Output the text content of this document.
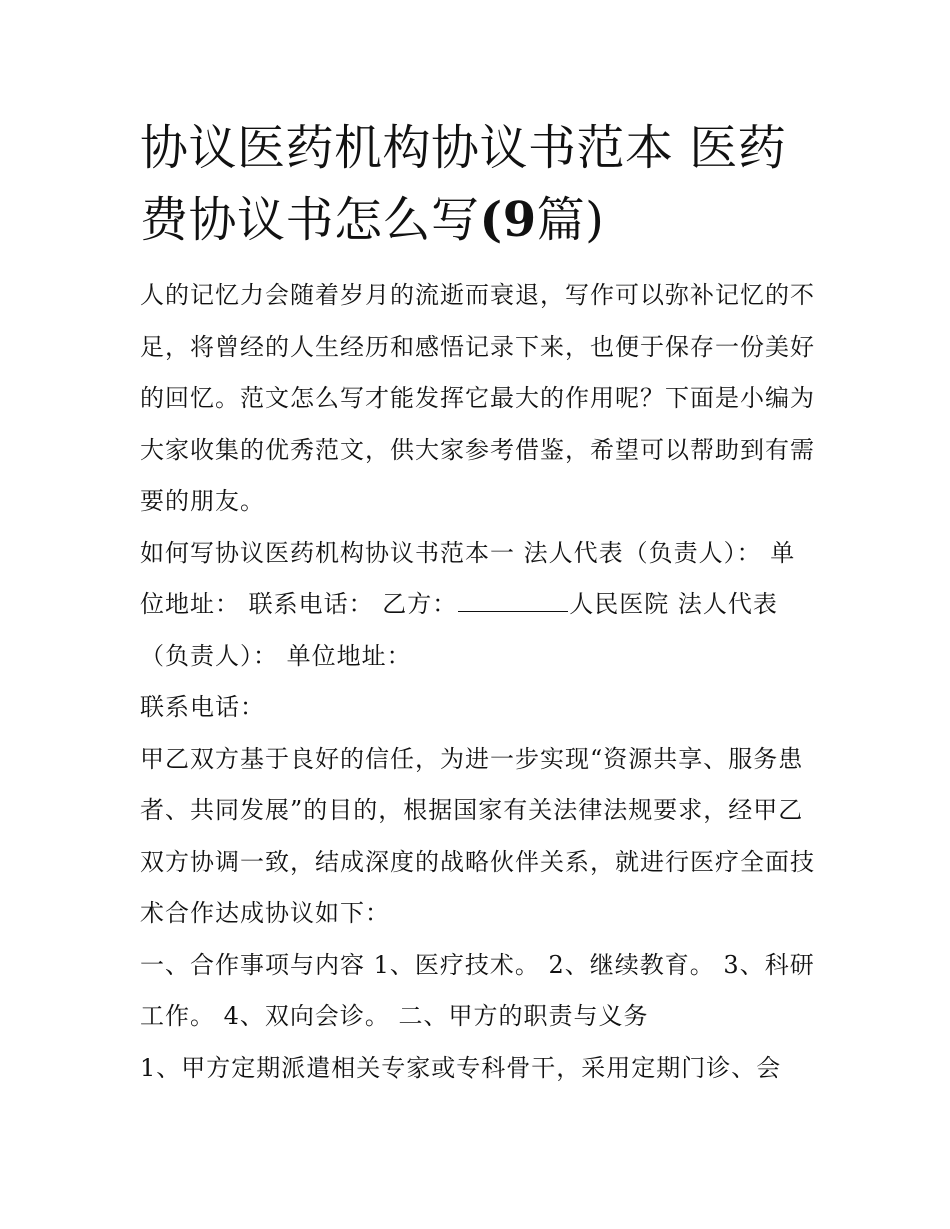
协议医药机构协议书范本 医药费协议书怎么写(9篇)

人的记忆力会随着岁月的流逝而衰退，写作可以弥补记忆的不足，将曾经的人生经历和感悟记录下来，也便于保存一份美好的回忆。范文怎么写才能发挥它最大的作用呢？下面是小编为大家收集的优秀范文，供大家参考借鉴，希望可以帮助到有需要的朋友。

如何写协议医药机构协议书范本一 法人代表（负责人）： 单位地址： 联系电话： 乙方：	人民医院 法人代表（负责人）： 单位地址：

联系电话：

甲乙双方基于良好的信任，为进一步实现“资源共享、服务患者、共同发展”的目的，根据国家有关法律法规要求，经甲乙双方协调一致，结成深度的战略伙伴关系，就进行医疗全面技术合作达成协议如下：

一、合作事项与内容 1、医疗技术。 2、继续教育。 3、科研工作。 4、双向会诊。 二、甲方的职责与义务

1、甲方定期派遣相关专家或专科骨干，采用定期门诊、会
